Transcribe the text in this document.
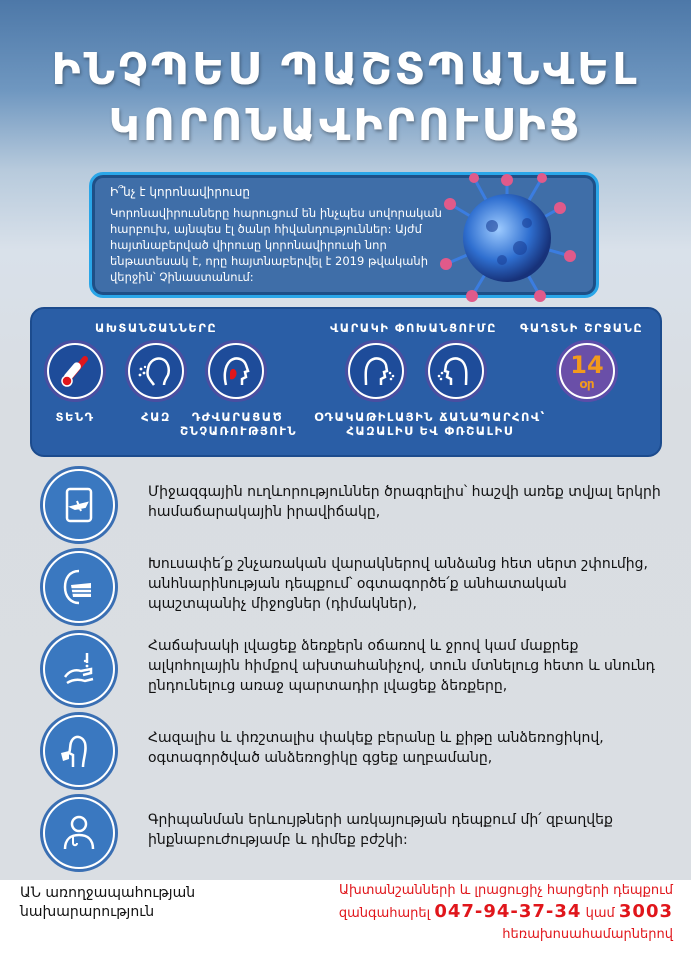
ԻՆՉՊԵՍ ՊԱՇՏՊԱՆՎԵԼ
ԿՈՐՈՆԱՎԻՐՈՒՍԻՑ
Ի՞նչ է կորոնավիրուսը
Կորոնավիրուսները հարուցում են ինչպես սովորական հարբուխ, այնպես էլ ծանր հիվանդություններ: Այժմ հայտնաբերված վիրուսը կորոնավիրուսի նոր ենթատեսակ է, որը հայտնաբերվել է 2019 թվականի վերջին՝ Չինաստանում:
ԱԽՏԱՆՇԱՆՆԵՐԸ	ՎԱՐԱԿԻ ՓՈԽԱՆՑՈՒՄԸ ԳԱՂՏՆԻ ՇՐՋԱՆԸ
14
օր
ՏԵՆԴ	ՀԱԶ	ԴԺՎԱՐԱՑԱԾ ՇՆՉԱՌՈՒԹՅՈՒՆ
ՕԴԱԿԱԹԻԼԱՅԻՆ ՃԱՆԱՊԱՐՀՈՎ՝ ՀԱԶԱԼԻՍ ԵՎ ՓՌՇԱԼԻՍ
Միջազգային ուղևորություններ ծրագրելիս՝ հաշվի առեք տվյալ երկրի համաճարակային իրավիճակը,
Խուսափե՛ք շնչառական վարակներով անձանց հետ սերտ շփումից, անհնարինության դեպքում՝ օգտագործե՛ք անհատական պաշտպանիչ միջոցներ (դիմակներ),
Հաճախակի լվացեք ձեռքերն օճառով և ջրով կամ մաքրեք ալկոհոլային հիմքով ախտահանիչով, տուն մտնելուց հետո և սնունդ ընդունելուց առաջ պարտադիր լվացեք ձեռքերը,
Հազալիս և փռշտալիս փակեք բերանը և քիթը անձեռոցիկով, օգտագործված անձեռոցիկը գցեք աղբամանը,
Գրիպանման երևույթների առկայության դեպքում մի՛ զբաղվեք ինքնաբուժությամբ և դիմեք բժշկի:
ԱՆ առողջապահության
նախարարություն
Ախտանշանների և լրացուցիչ հարցերի դեպքում
զանգահարել 047-94-37-34 կամ 3003
հեռախոսահամարներով
